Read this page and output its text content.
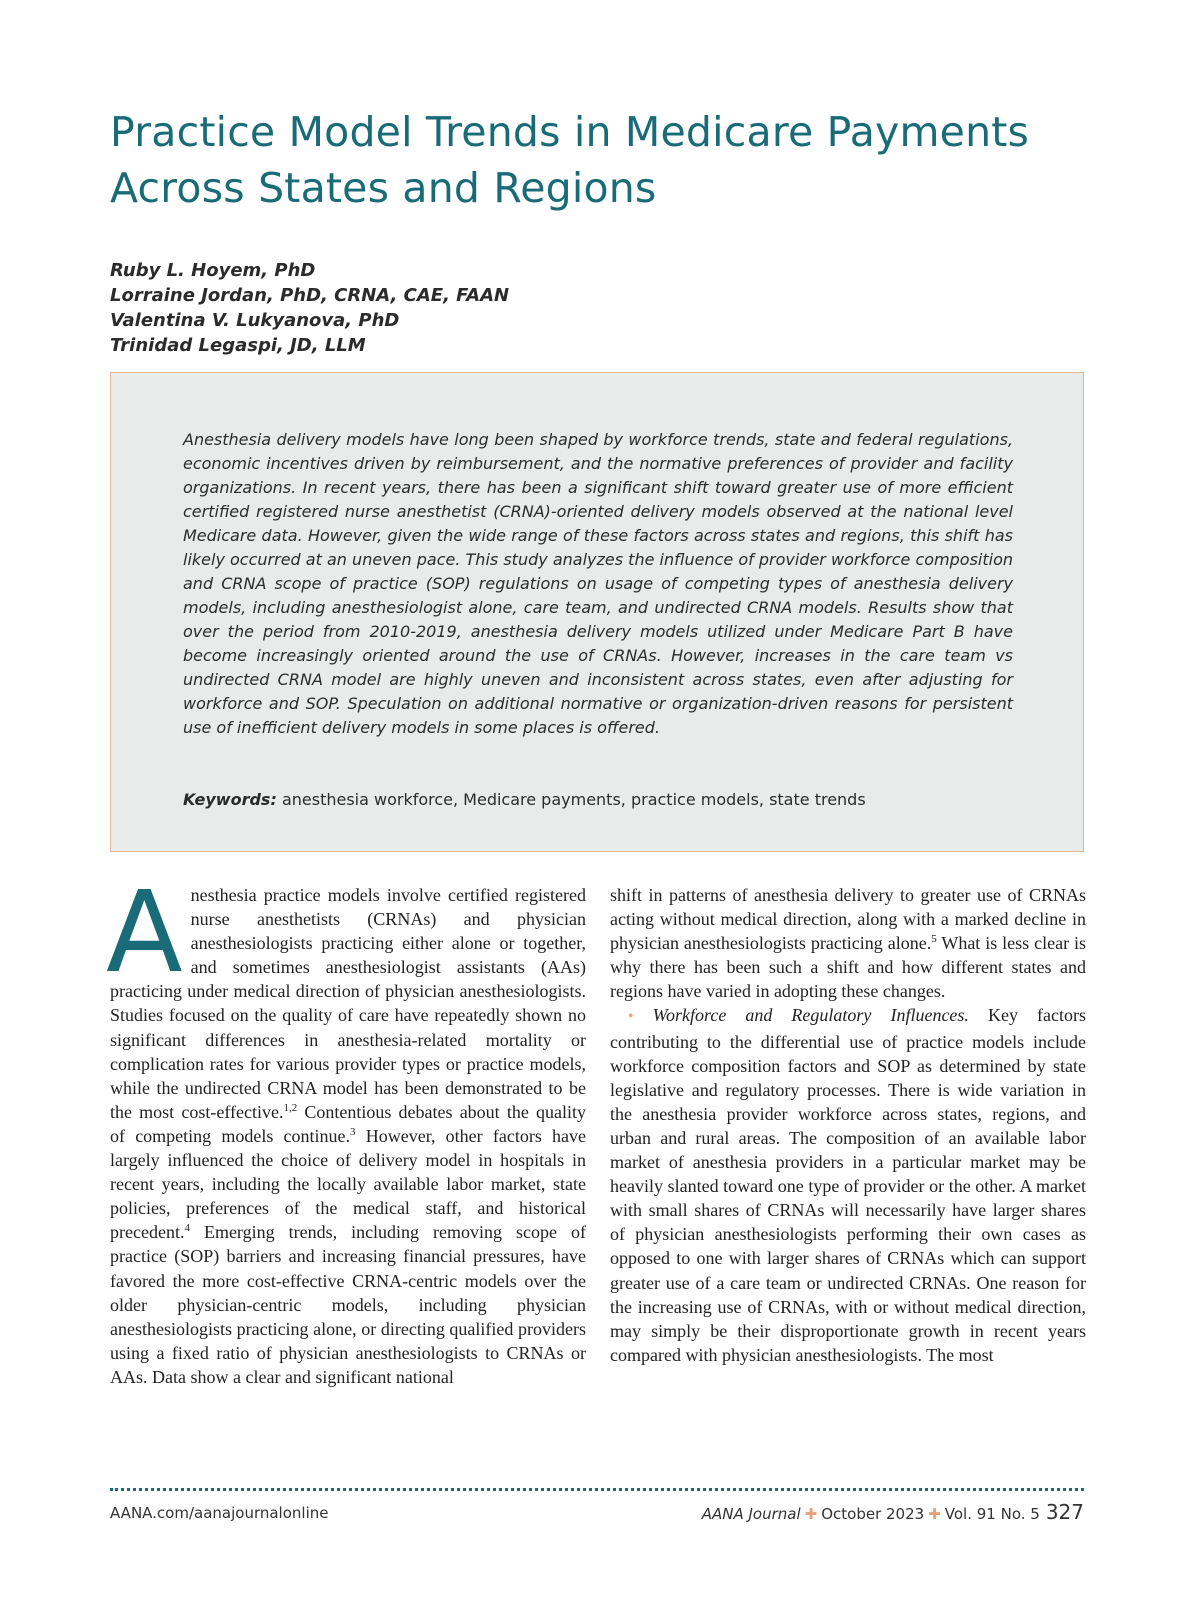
Practice Model Trends in Medicare Payments Across States and Regions
Ruby L. Hoyem, PhD
Lorraine Jordan, PhD, CRNA, CAE, FAAN
Valentina V. Lukyanova, PhD
Trinidad Legaspi, JD, LLM

Anesthesia delivery models have long been shaped by workforce trends, state and federal regulations, economic incentives driven by reimbursement, and the normative preferences of provider and facility organizations. In recent years, there has been a significant shift toward greater use of more efficient certified registered nurse anesthetist (CRNA)-oriented delivery models observed at the national level Medicare data. However, given the wide range of these factors across states and regions, this shift has likely occurred at an uneven pace. This study analyzes the influence of provider workforce composition and CRNA scope of practice (SOP) regulations on usage of competing types of anesthesia delivery models, including anesthesiologist alone, care team, and undirected CRNA models. Results show that over the period from 2010-2019, anesthesia delivery models utilized under Medicare Part B have become increasingly oriented around the use of CRNAs. However, increases in the care team vs undirected CRNA model are highly uneven and inconsistent across states, even after adjusting for workforce and SOP. Speculation on additional normative or organization-driven reasons for persistent use of inefficient delivery models in some places is offered.

Keywords: anesthesia workforce, Medicare payments, practice models, state trends

Anesthesia practice models involve certified registered nurse anesthetists (CRNAs) and physician anesthesiologists practicing either alone or together, and sometimes anesthesiologist assistants (AAs) practicing under medical direction of physician anesthesiologists. Studies focused on the quality of care have repeatedly shown no significant differences in anesthesia-related mortality or complication rates for various provider types or practice models, while the undirected CRNA model has been demonstrated to be the most cost-effective.$^{1,2}$ Contentious debates about the quality of competing models continue.$^3$ However, other factors have largely influenced the choice of delivery model in hospitals in recent years, including the locally available labor market, state policies, preferences of the medical staff, and historical precedent.$^4$ Emerging trends, including removing scope of practice (SOP) barriers and increasing financial pressures, have favored the more cost-effective CRNA-centric models over the older physician-centric models, including physician anesthesiologists practicing alone, or directing qualified providers using a fixed ratio of physician anesthesiologists to CRNAs or AAs. Data show a clear and significant national
shift in patterns of anesthesia delivery to greater use of CRNAs acting without medical direction, along with a marked decline in physician anesthesiologists practicing alone.$^5$ What is less clear is why there has been such a shift and how different states and regions have varied in adopting these changes.
• Workforce and Regulatory Influences. Key factors contributing to the differential use of practice models include workforce composition factors and SOP as determined by state legislative and regulatory processes. There is wide variation in the anesthesia provider workforce across states, regions, and urban and rural areas. The composition of an available labor market of anesthesia providers in a particular market may be heavily slanted toward one type of provider or the other. A market with small shares of CRNAs will necessarily have larger shares of physician anesthesiologists performing their own cases as opposed to one with larger shares of CRNAs which can support greater use of a care team or undirected CRNAs. One reason for the increasing use of CRNAs, with or without medical direction, may simply be their disproportionate growth in recent years compared with physician anesthesiologists. The most
AANA.com/aanajournalonline	AANA Journal ✚ October 2023 ✚ Vol. 91 No. 5 327
